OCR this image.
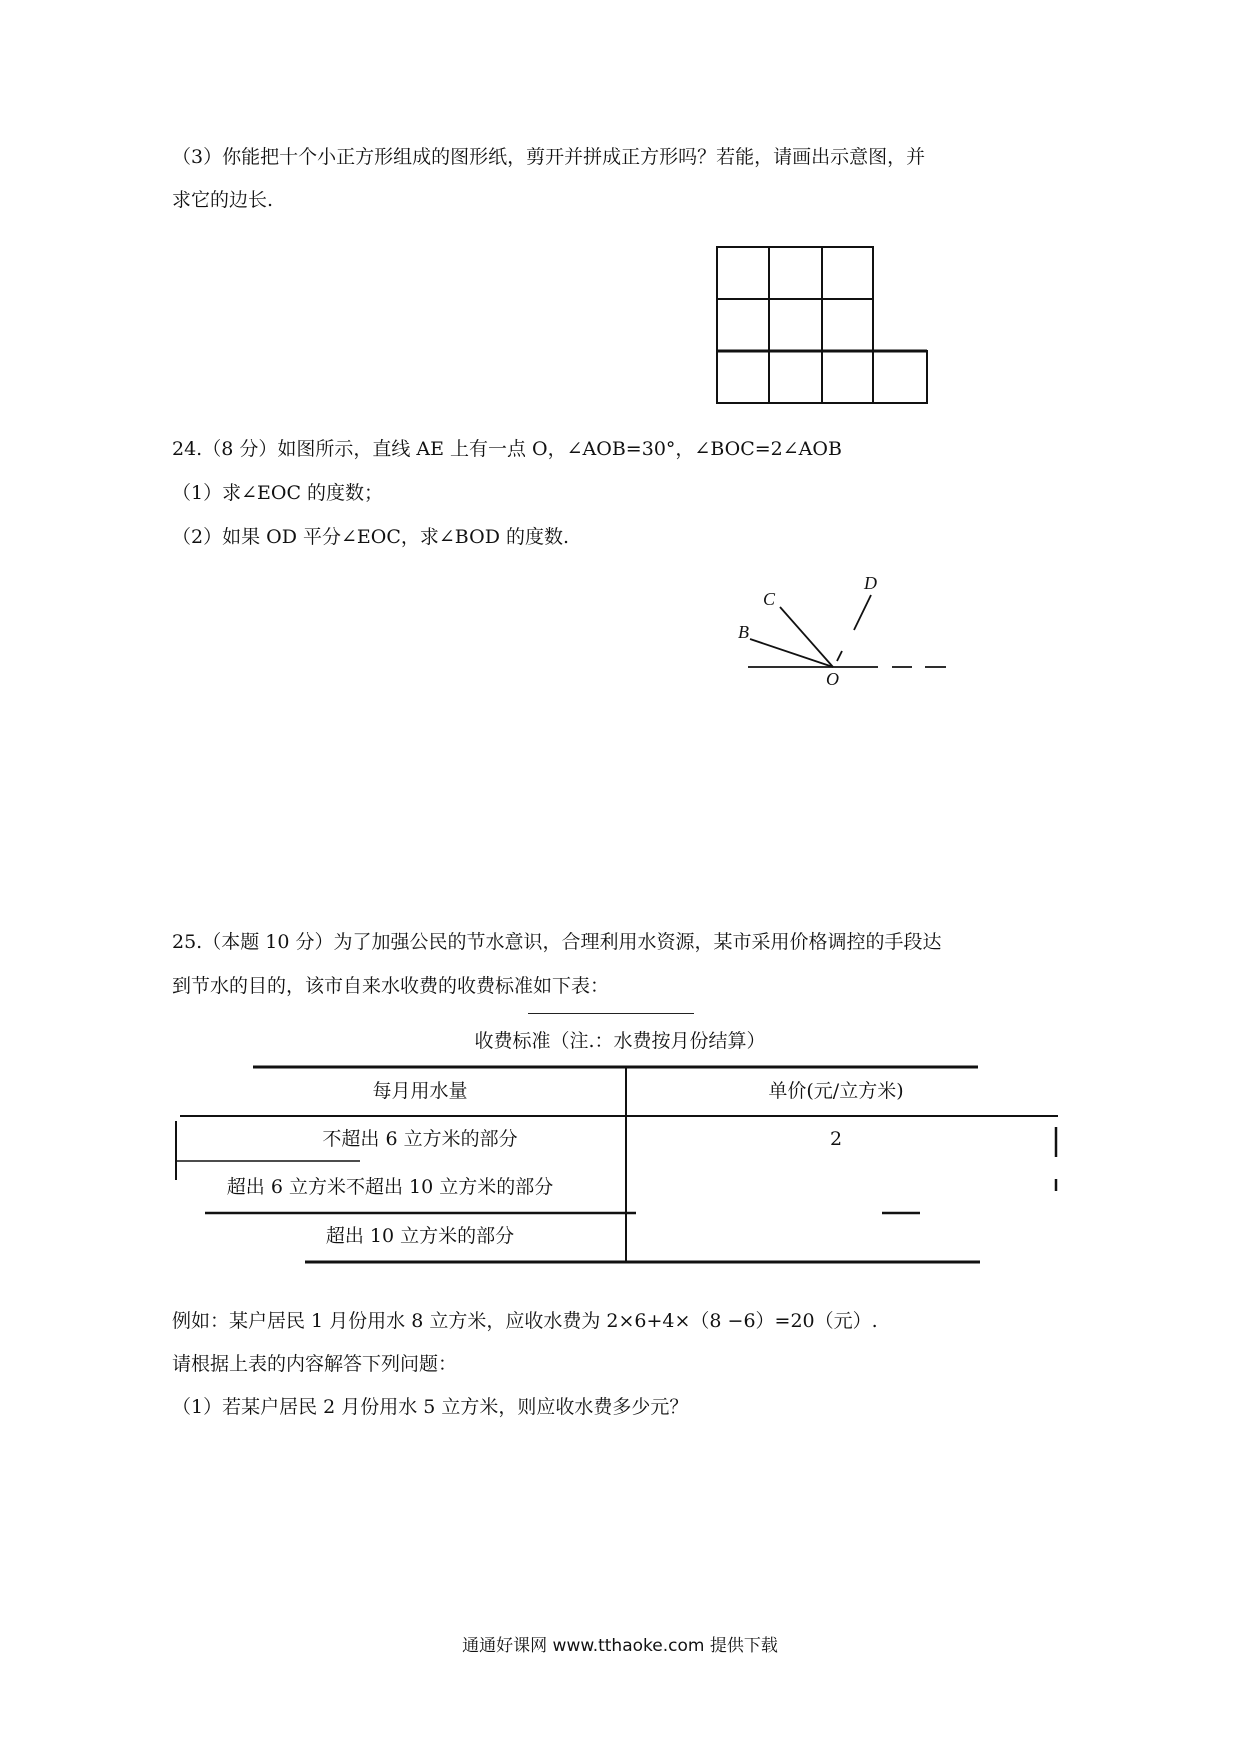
（3）你能把十个小正方形组成的图形纸，剪开并拼成正方形吗？若能，请画出示意图，并
求它的边长.
24.（8 分）如图所示，直线 AE 上有一点 O，∠AOB=30°，∠BOC=2∠AOB
（1）求∠EOC 的度数；
（2）如果 OD 平分∠EOC，求∠BOD 的度数.
C
B
D
O
25.（本题 10 分）为了加强公民的节水意识，合理利用水资源，某市采用价格调控的手段达
到节水的目的，该市自来水收费的收费标准如下表：
收费标准（注.：水费按月份结算）
每月用水量	单价(元/立方米)
不超出 6 立方米的部分	2
超出 6 立方米不超出 10 立方米的部分
超出 10 立方米的部分
例如：某户居民 1 月份用水 8 立方米，应收水费为 2×6+4×（8 −6）=20（元）.
请根据上表的内容解答下列问题：
（1）若某户居民 2 月份用水 5 立方米，则应收水费多少元？
通通好课网 www.tthaoke.com 提供下载
